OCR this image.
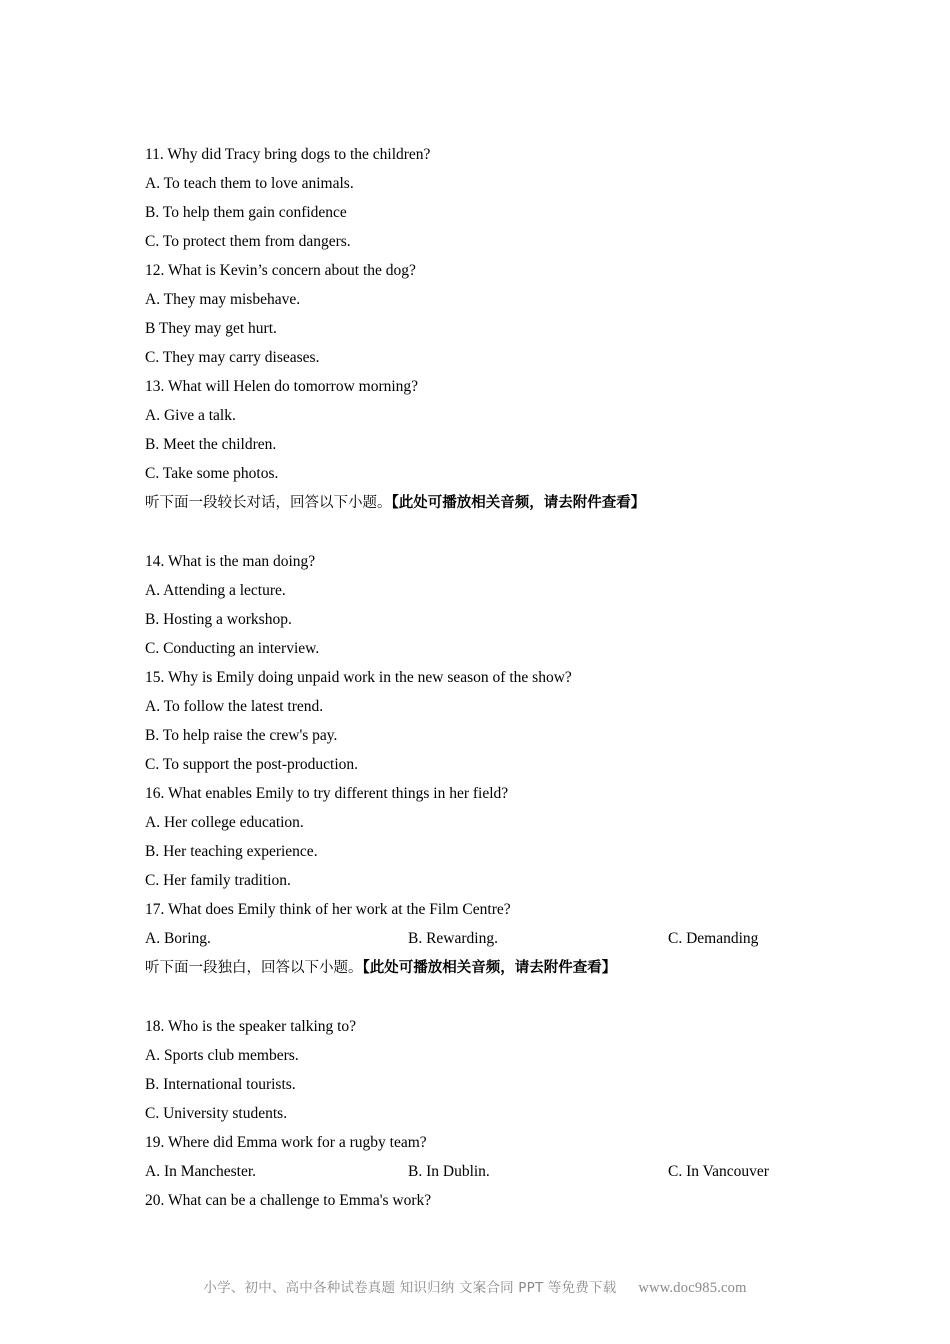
11. Why did Tracy bring dogs to the children?
A. To teach them to love animals.
B. To help them gain confidence
C. To protect them from dangers.
12. What is Kevin’s concern about the dog?
A. They may misbehave.
B They may get hurt.
C. They may carry diseases.
13. What will Helen do tomorrow morning?
A. Give a talk.
B. Meet the children.
C. Take some photos.
听下面一段较长对话，回答以下小题。【此处可播放相关音频，请去附件查看】
14. What is the man doing?
A. Attending a lecture.
B. Hosting a workshop.
C. Conducting an interview.
15. Why is Emily doing unpaid work in the new season of the show?
A. To follow the latest trend.
B. To help raise the crew's pay.
C. To support the post-production.
16. What enables Emily to try different things in her field?
A. Her college education.
B. Her teaching experience.
C. Her family tradition.
17. What does Emily think of her work at the Film Centre?
A. Boring.	B. Rewarding.	C. Demanding
听下面一段独白，回答以下小题。【此处可播放相关音频，请去附件查看】
18. Who is the speaker talking to?
A. Sports club members.
B. International tourists.
C. University students.
19. Where did Emma work for a rugby team?
A. In Manchester.	B. In Dublin.	C. In Vancouver
20. What can be a challenge to Emma's work?
小学、初中、高中各种试卷真题 知识归纳 文案合同 PPT 等免费下载 www.doc985.com
